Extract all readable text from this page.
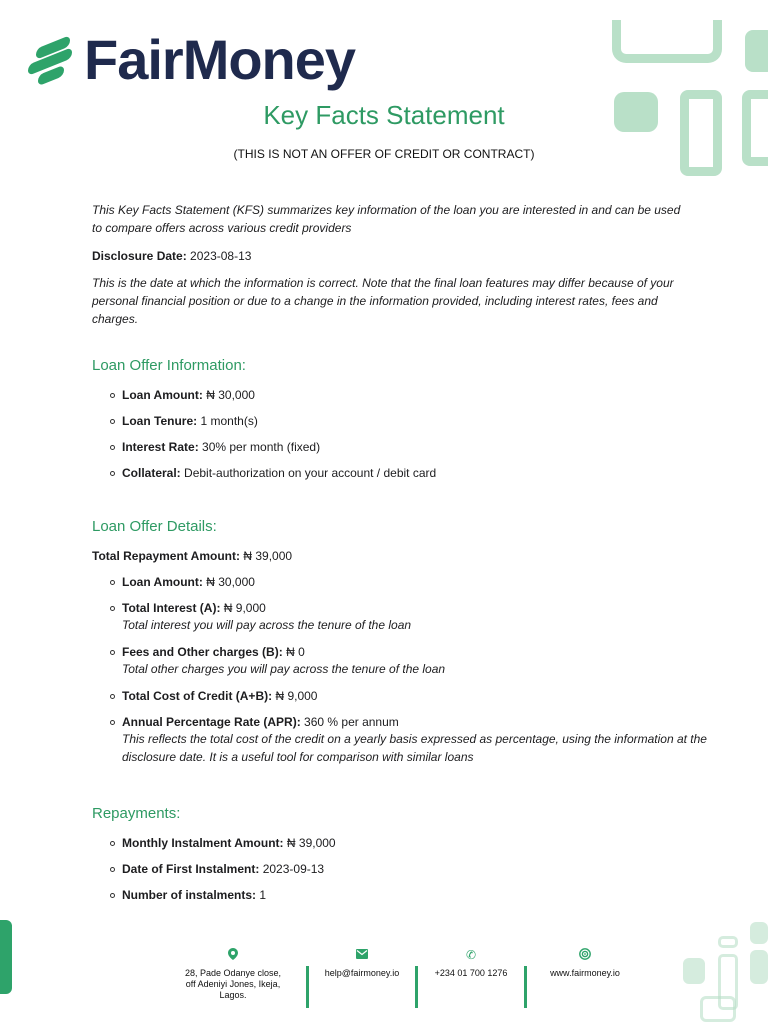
FairMoney
Key Facts Statement
(THIS IS NOT AN OFFER OF CREDIT OR CONTRACT)
This Key Facts Statement (KFS) summarizes key information of the loan you are interested in and can be used to compare offers across various credit providers
Disclosure Date: 2023-08-13
This is the date at which the information is correct. Note that the final loan features may differ because of your personal financial position or due to a change in the information provided, including interest rates, fees and charges.
Loan Offer Information:
Loan Amount: ₦ 30,000
Loan Tenure: 1 month(s)
Interest Rate: 30% per month (fixed)
Collateral: Debit-authorization on your account / debit card
Loan Offer Details:
Total Repayment Amount: ₦ 39,000
Loan Amount: ₦ 30,000
Total Interest (A): ₦ 9,000
Total interest you will pay across the tenure of the loan
Fees and Other charges (B): ₦ 0
Total other charges you will pay across the tenure of the loan
Total Cost of Credit (A+B): ₦ 9,000
Annual Percentage Rate (APR): 360 % per annum
This reflects the total cost of the credit on a yearly basis expressed as percentage, using the information at the disclosure date. It is a useful tool for comparison with similar loans
Repayments:
Monthly Instalment Amount: ₦ 39,000
Date of First Instalment: 2023-09-13
Number of instalments: 1
28, Pade Odanye close,
off Adeniyi Jones, Ikeja,
Lagos.
help@fairmoney.io
✆
+234 01 700 1276	www.fairmoney.io
